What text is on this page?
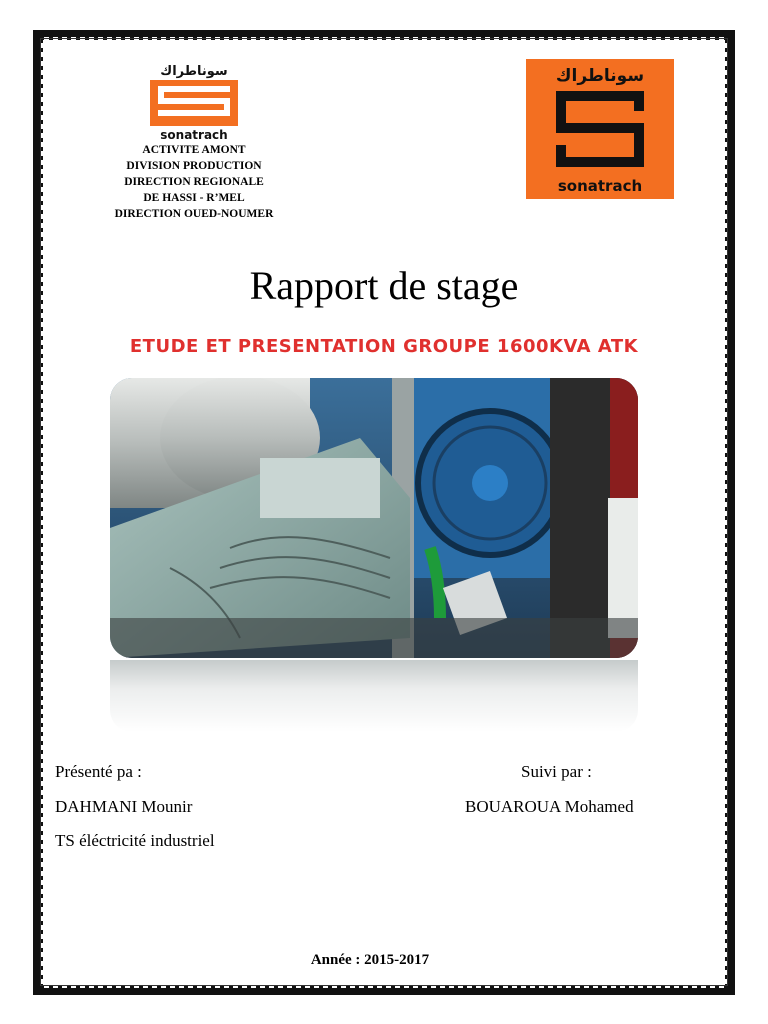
سوناطراك
sonatrach
ACTIVITE AMONT
DIVISION PRODUCTION
DIRECTION REGIONALE
DE HASSI - R’MEL
DIRECTION OUED-NOUMER
سوناطراك
sonatrach
Rapport de stage
ETUDE ET PRESENTATION GROUPE 1600KVA ATK
Présenté pa :	Suivi par :
DAHMANI Mounir	BOUAROUA Mohamed
TS éléctricité industriel
Année : 2015-2017
